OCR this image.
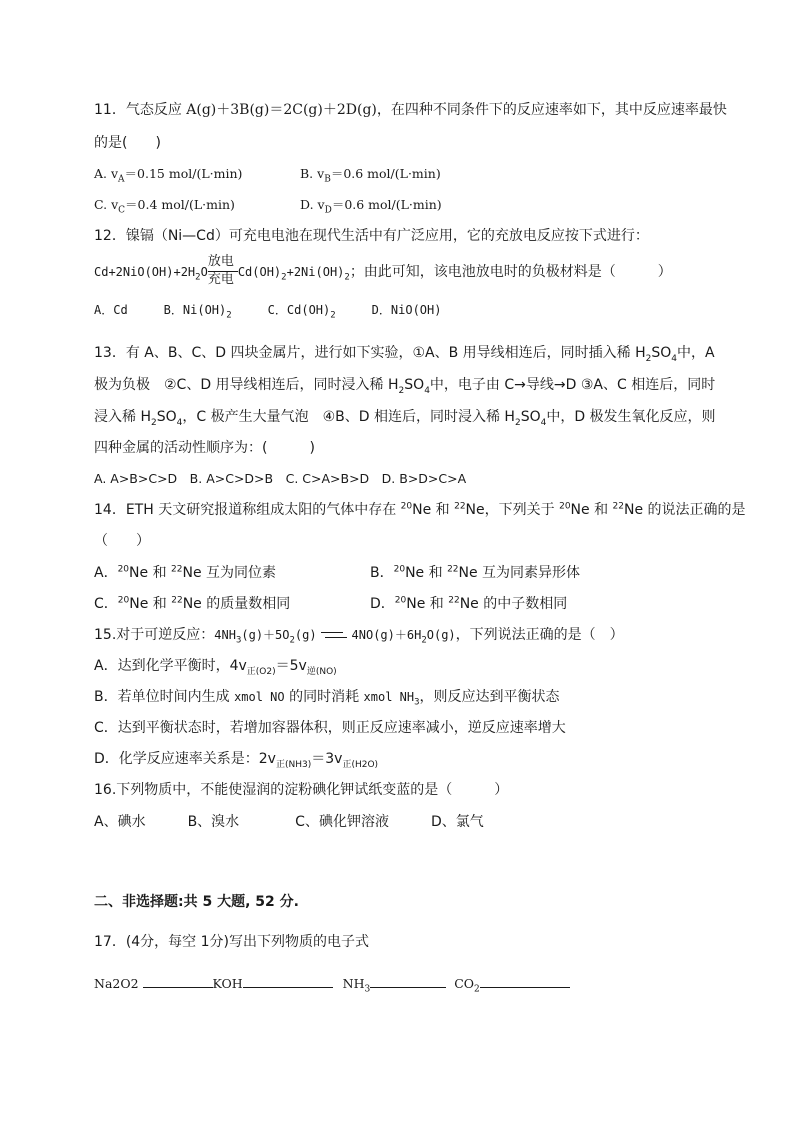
11．气态反应 A(g)＋3B(g)＝2C(g)＋2D(g)，在四种不同条件下的反应速率如下，其中反应速率最快
的是(　　)
A. $v_A=0.15$ mol/(L·min)	B. $v_B=0.6$ mol/(L·min)
C. $v_C=0.4$ mol/(L·min)	D. $v_D=0.6$ mol/(L·min)
12．镍镉（Ni—Cd）可充电电池在现代生活中有广泛应用，它的充放电反应按下式进行：
$Cd+2NiO(OH)+2H_2O$
放电
充电 $Cd(OH)_2+2Ni(OH)_2$；由此可知，该电池放电时的负极材料是（　　　）
A．Cd　　　B．$Ni(OH)_2$　　　C．$Cd(OH)_2$　　　D．NiO(OH)
13．有 A、B、C、D 四块金属片，进行如下实验，①A、B 用导线相连后，同时插入稀 $H_2SO_4$中，A
极为负极　②C、D 用导线相连后，同时浸入稀 $H_2SO_4$中，电子由 C→导线→D ③A、C 相连后，同时
浸入稀 $H_2SO_4$，C 极产生大量气泡　④B、D 相连后，同时浸入稀 $H_2SO_4$中，D 极发生氧化反应，则
四种金属的活动性顺序为：(　　　)
A. A>B>C>D　B. A>C>D>B　C. C>A>B>D　D. B>D>C>A
14．ETH 天文研究报道称组成太阳的气体中存在 $^{20}$Ne 和 $^{22}$Ne，下列关于 $^{20}$Ne 和 $^{22}$Ne 的说法正确的是
（　　）
A．$^{20}$Ne 和 $^{22}$Ne 互为同位素	B．$^{20}$Ne 和 $^{22}$Ne 互为同素异形体
C．$^{20}$Ne 和 $^{22}$Ne 的质量数相同	D．$^{20}$Ne 和 $^{22}$Ne 的中子数相同
15.对于可逆反应：$4NH_3(g)+5O_2(g)$	$4NO(g)+6H_2O(g)$，下列说法正确的是（　）
A．达到化学平衡时，$4v_{正(O2)}=5v_{逆(NO)}$
B．若单位时间内生成 xmol NO 的同时消耗 xmol $NH_3$，则反应达到平衡状态
C．达到平衡状态时，若增加容器体积，则正反应速率减小，逆反应速率增大
D．化学反应速率关系是：$2v_{正(NH3)}=3v_{正(H2O)}$
16.下列物质中，不能使湿润的淀粉碘化钾试纸变蓝的是（　　　）
A、碘水　　　B、溴水　　　　C、碘化钾溶液　　　D、氯气
二、非选择题:共 5 大题, 52 分.
17．(4分，每空 1分)写出下列物质的电子式
Na2O2	KOH	$NH_3$	$CO_2$
